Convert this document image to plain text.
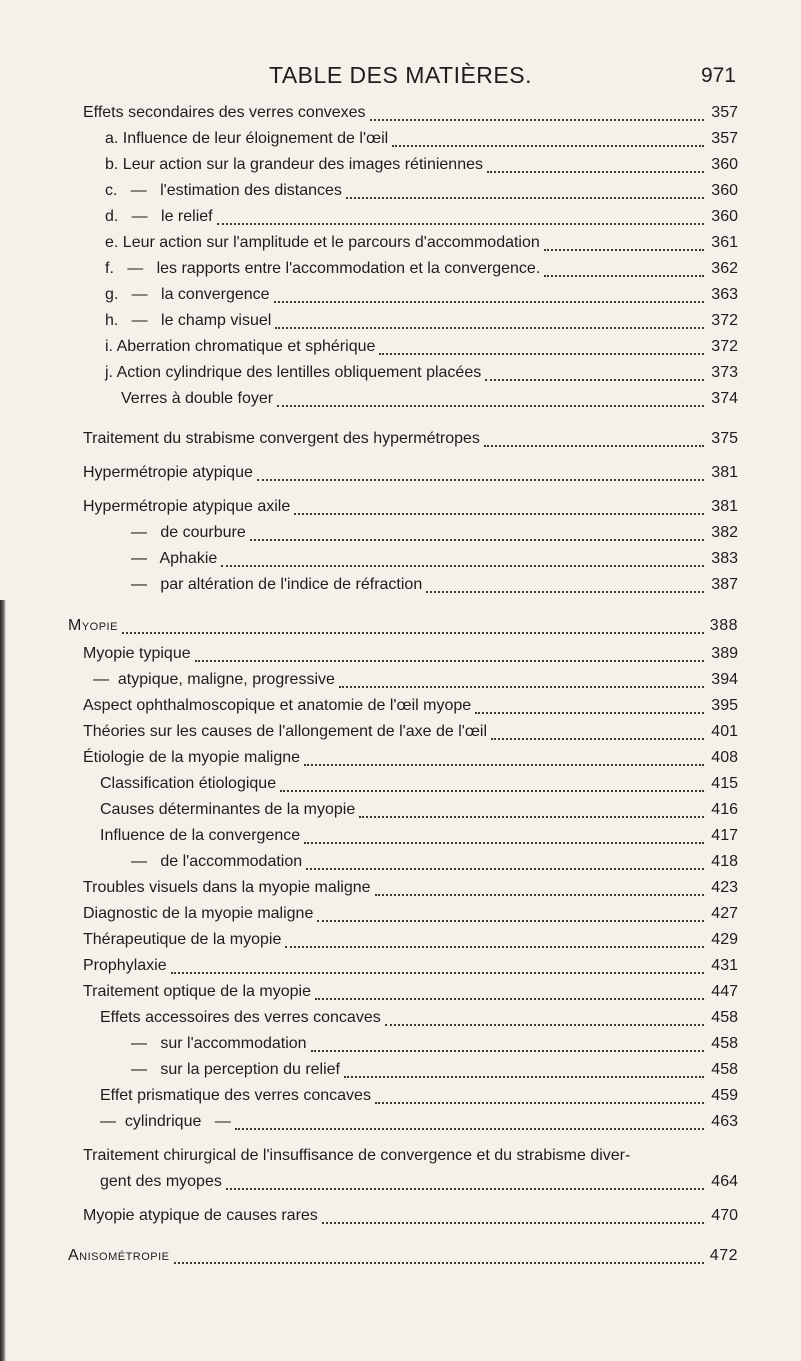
TABLE DES MATIÈRES.	971
Effets secondaires des verres convexes	357
a. Influence de leur éloignement de l'œil	357
b. Leur action sur la grandeur des images rétiniennes	360
c.   —   l'estimation des distances	360
d.   —   le relief	360
e. Leur action sur l'amplitude et le parcours d'accommodation	361
f.   —   les rapports entre l'accommodation et la convergence.	362
g.   —   la convergence	363
h.   —   le champ visuel	372
i. Aberration chromatique et sphérique	372
j. Action cylindrique des lentilles obliquement placées	373
Verres à double foyer	374
Traitement du strabisme convergent des hypermétropes	375
Hypermétropie atypique	381
Hypermétropie atypique axile	381
—   de courbure	382
—   Aphakie	383
—   par altération de l'indice de réfraction	387
Myopie	388
Myopie typique	389
—  atypique, maligne, progressive	394
Aspect ophthalmoscopique et anatomie de l'œil myope	395
Théories sur les causes de l'allongement de l'axe de l'œil	401
Étiologie de la myopie maligne	408
Classification étiologique	415
Causes déterminantes de la myopie	416
Influence de la convergence	417
—   de l'accommodation	418
Troubles visuels dans la myopie maligne	423
Diagnostic de la myopie maligne	427
Thérapeutique de la myopie	429
Prophylaxie	431
Traitement optique de la myopie	447
Effets accessoires des verres concaves	458
—   sur l'accommodation	458
—   sur la perception du relief	458
Effet prismatique des verres concaves	459
—  cylindrique   —	463
Traitement chirurgical de l'insuffisance de convergence et du strabisme diver-
gent des myopes	464
Myopie atypique de causes rares	470
Anisométropie	472
